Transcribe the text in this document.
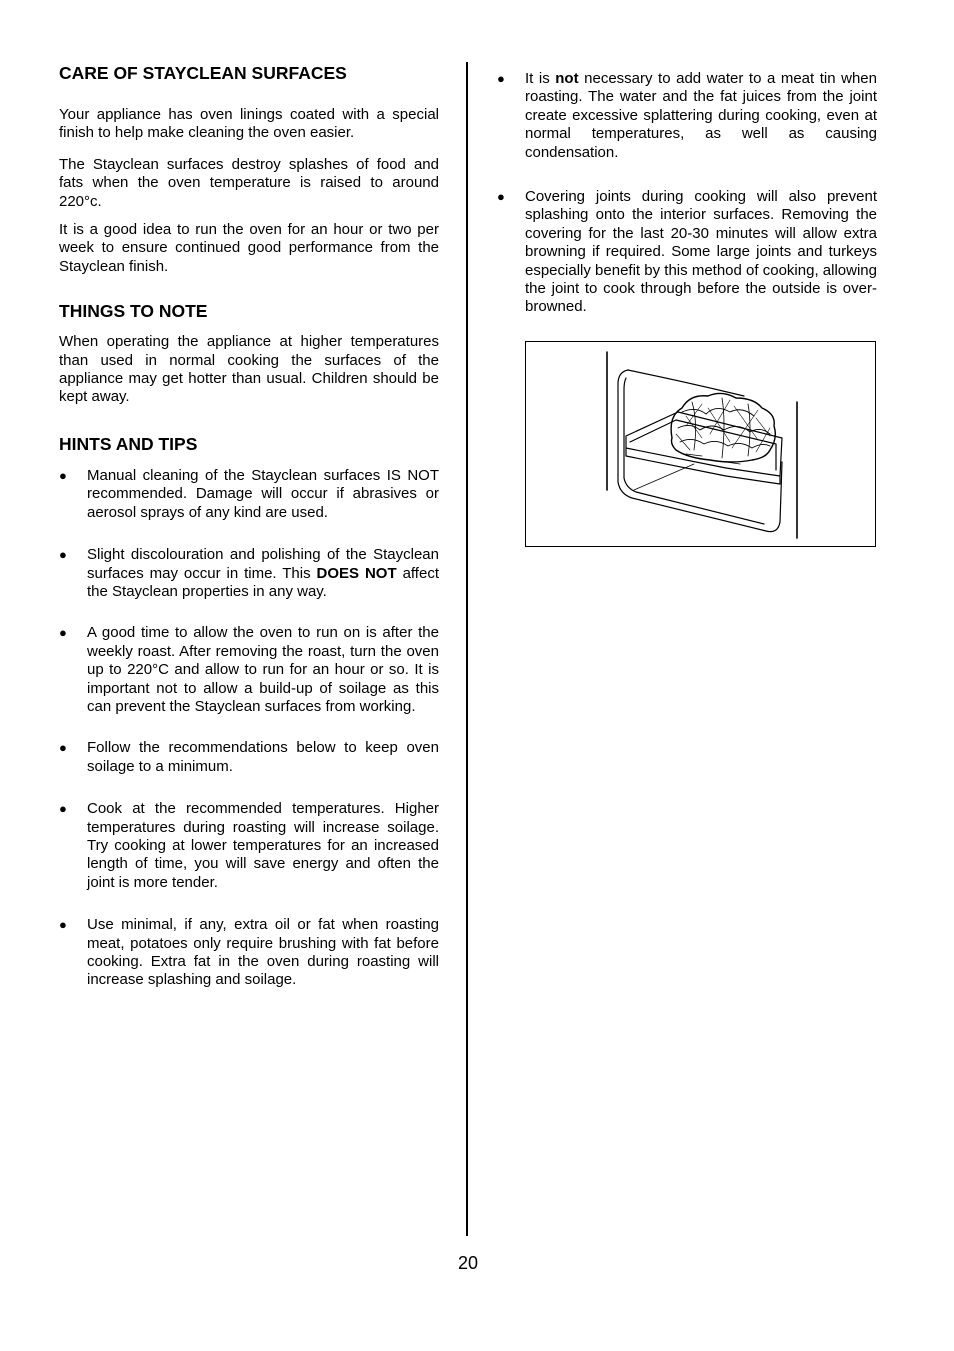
CARE OF STAYCLEAN SURFACES

Your appliance has oven linings coated with a special finish to help make cleaning the oven easier.

The Stayclean surfaces destroy splashes of food and fats when the oven temperature is raised to around 220°c.

It is a good idea to run the oven for an hour or two per week to ensure continued good performance from the Stayclean finish.

THINGS TO NOTE

When operating the appliance at higher temperatures than used in normal cooking the surfaces of the appliance may get hotter than usual. Children should be kept away.

HINTS AND TIPS
● Manual cleaning of the Stayclean surfaces IS NOT recommended. Damage will occur if abrasives or aerosol sprays of any kind are used.
● Slight discolouration and polishing of the Stayclean surfaces may occur in time. This DOES NOT affect the Stayclean properties in any way.
● A good time to allow the oven to run on is after the weekly roast. After removing the roast, turn the oven up to 220°C and allow to run for an hour or so. It is important not to allow a build-up of soilage as this can prevent the Stayclean surfaces from working.
● Follow the recommendations below to keep oven soilage to a minimum.
● Cook at the recommended temperatures. Higher temperatures during roasting will increase soilage. Try cooking at lower temperatures for an increased length of time, you will save energy and often the joint is more tender.
● Use minimal, if any, extra oil or fat when roasting meat, potatoes only require brushing with fat before cooking. Extra fat in the oven during roasting will increase splashing and soilage.
● It is not necessary to add water to a meat tin when roasting. The water and the fat juices from the joint create excessive splattering during cooking, even at normal temperatures, as well as causing condensation.
● Covering joints during cooking will also prevent splashing onto the interior surfaces. Removing the covering for the last 20-30 minutes will allow extra browning if required. Some large joints and turkeys especially benefit by this method of cooking, allowing the joint to cook through before the outside is over-browned.
20
